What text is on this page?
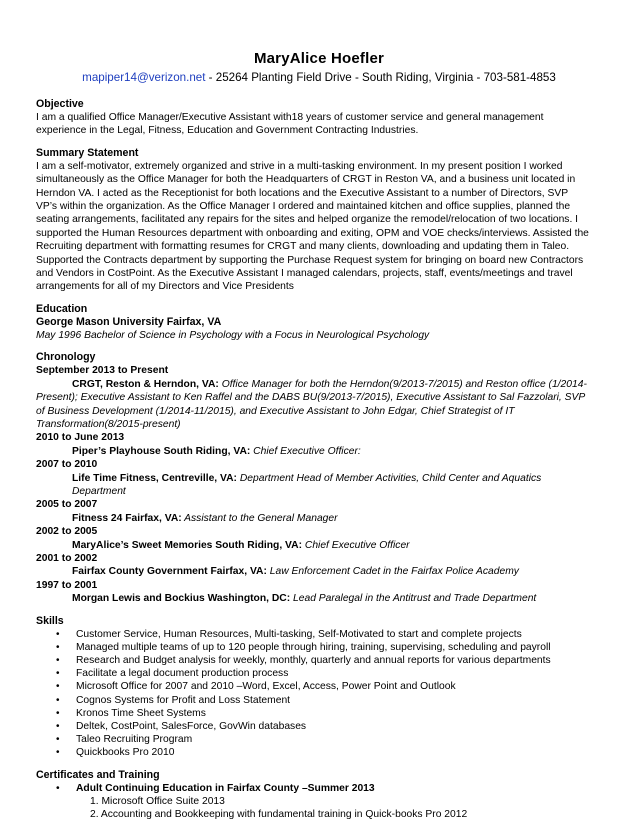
MaryAlice Hoefler
mapiper14@verizon.net - 25264 Planting Field Drive - South Riding, Virginia - 703-581-4853
Objective

I am a qualified Office Manager/Executive Assistant with18 years of customer service and general management

experience in the Legal, Fitness, Education and Government Contracting Industries.

Summary Statement

I am a self-motivator, extremely organized and strive in a multi-tasking environment. In my present position I worked

simultaneously as the Office Manager for both the Headquarters of CRGT in Reston VA, and a business unit located in

Herndon VA. I acted as the Receptionist for both locations and the Executive Assistant to a number of Directors, SVP

VP’s within the organization. As the Office Manager I ordered and maintained kitchen and office supplies, planned the

seating arrangements, facilitated any repairs for the sites and helped organize the remodel/relocation of two locations. I

supported the Human Resources department with onboarding and exiting, OPM and VOE checks/interviews. Assisted the

Recruiting department with formatting resumes for CRGT and many clients, downloading and updating them in Taleo.

Supported the Contracts department by supporting the Purchase Request system for bringing on board new Contractors

and Vendors in CostPoint. As the Executive Assistant I managed calendars, projects, staff, events/meetings and travel

arrangements for all of my Directors and Vice Presidents

Education
George Mason University Fairfax, VA

May 1996 Bachelor of Science in Psychology with a Focus in Neurological Psychology

Chronology
September 2013 to Present
CRGT, Reston & Herndon, VA: Office Manager for both the Herndon(9/2013-7/2015) and Reston office (1/2014-
Present); Executive Assistant to Ken Raffel and the DABS BU(9/2013-7/2015), Executive Assistant to Sal Fazzolari, SVP
of Business Development (1/2014-11/2015), and Executive Assistant to John Edgar, Chief Strategist of IT
Transformation(8/2015-present)
2010 to June 2013
Piper’s Playhouse South Riding, VA: Chief Executive Officer:
2007 to 2010
Life Time Fitness, Centreville, VA: Department Head of Member Activities, Child Center and Aquatics
Department
2005 to 2007
Fitness 24 Fairfax, VA: Assistant to the General Manager
2002 to 2005
MaryAlice’s Sweet Memories South Riding, VA: Chief Executive Officer
2001 to 2002
Fairfax County Government Fairfax, VA: Law Enforcement Cadet in the Fairfax Police Academy
1997 to 2001
Morgan Lewis and Bockius Washington, DC: Lead Paralegal in the Antitrust and Trade Department
Skills
• Customer Service, Human Resources, Multi-tasking, Self-Motivated to start and complete projects
• Managed multiple teams of up to 120 people through hiring, training, supervising, scheduling and payroll
• Research and Budget analysis for weekly, monthly, quarterly and annual reports for various departments
• Facilitate a legal document production process
• Microsoft Office for 2007 and 2010 –Word, Excel, Access, Power Point and Outlook
• Cognos Systems for Profit and Loss Statement
• Kronos Time Sheet Systems
• Deltek, CostPoint, SalesForce, GovWin databases
• Taleo Recruiting Program
• Quickbooks Pro 2010
Certificates and Training
• Adult Continuing Education in Fairfax County –Summer 2013
1. Microsoft Office Suite 2013
2. Accounting and Bookkeeping with fundamental training in Quick-books Pro 2012
